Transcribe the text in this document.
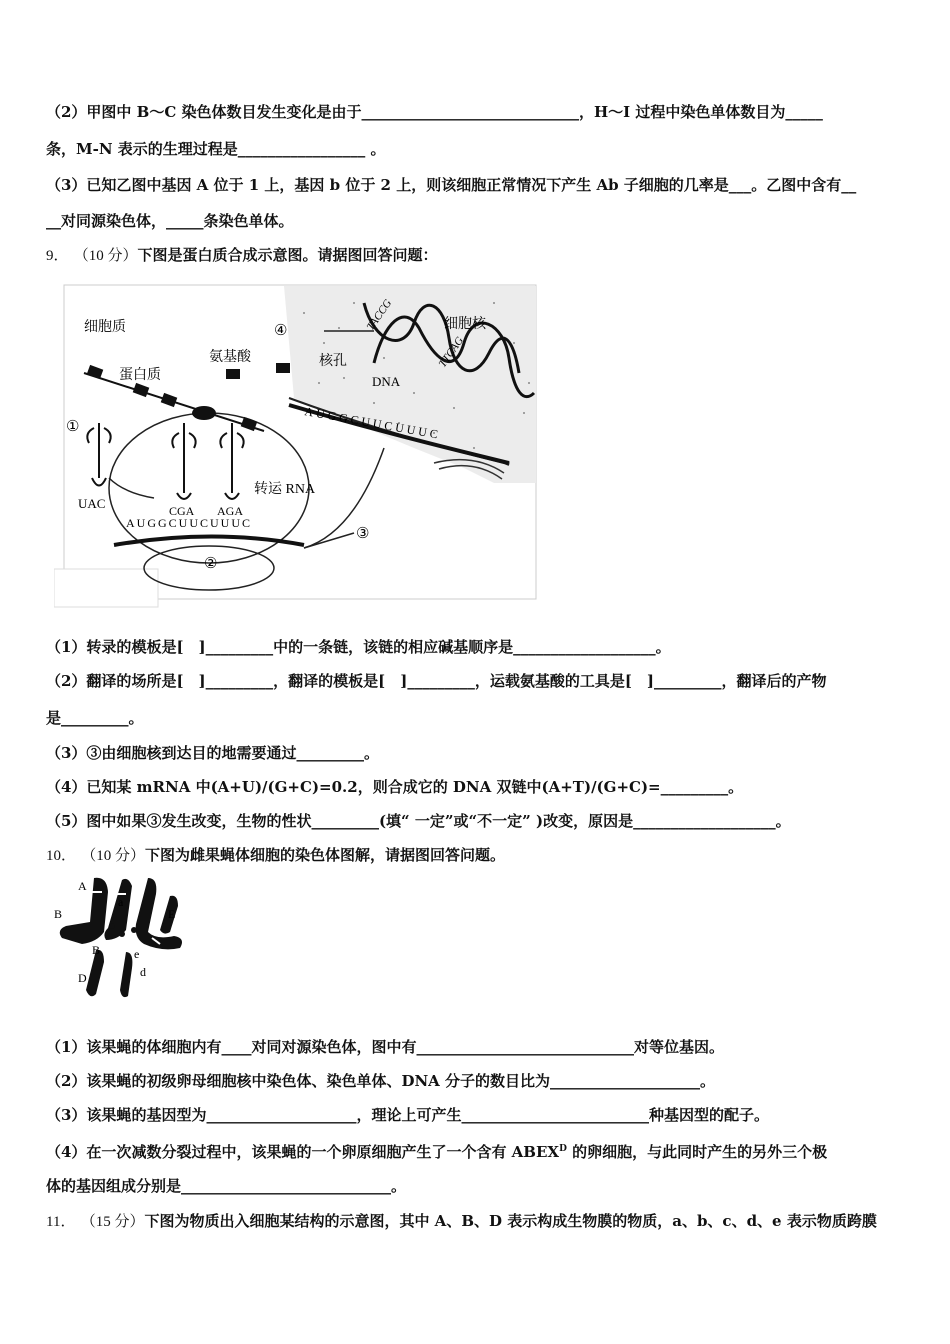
（2）甲图中 B～C 染色体数目发生变化是由于_____________________________，H～I 过程中染色单体数目为_____
条，M-N 表示的生理过程是_________________ 。
（3）已知乙图中基因 A 位于 1 上，基因 b 位于 2 上，则该细胞正常情况下产生 Ab 子细胞的几率是___。乙图中含有__
__对同源染色体，_____条染色单体。
9． （10 分）下图是蛋白质合成示意图。请据图回答问题：
TACCG
TTCAG
AUGGCUUCUUUC
AUGGCUUCUUUC
UAC	CGA AGA
细胞质	细胞核
蛋白质
氨基酸	核孔
DNA
转运 RNA
①
②
③
④
（1）转录的模板是[　]_________中的一条链，该链的相应碱基顺序是___________________。
（2）翻译的场所是[　]_________，翻译的模板是[　]_________，运载氨基酸的工具是[　]_________，翻译后的产物
是_________。
（3）③由细胞核到达目的地需要通过_________。
（4）已知某 mRNA 中(A+U)/(G+C)=0.2，则合成它的 DNA 双链中(A+T)/(G+C)=_________。
（5）图中如果③发生改变，生物的性状_________(填“ 一定”或“不一定” )改变，原因是___________________。
10． （10 分）下图为雌果蝇体细胞的染色体图解，请据图回答问题。
A
a
B	E
B	e
D	d
（1）该果蝇的体细胞内有____对同对源染色体，图中有_____________________________对等位基因。
（2）该果蝇的初级卵母细胞核中染色体、染色单体、DNA 分子的数目比为____________________。
（3）该果蝇的基因型为____________________，理论上可产生_________________________种基因型的配子。
（4）在一次减数分裂过程中，该果蝇的一个卵原细胞产生了一个含有 $ABEX^D$ 的卵细胞，与此同时产生的另外三个极
体的基因组成分别是____________________________。
11． （15 分）下图为物质出入细胞某结构的示意图，其中 A、B、D 表示构成生物膜的物质，a、b、c、d、e 表示物质跨膜
